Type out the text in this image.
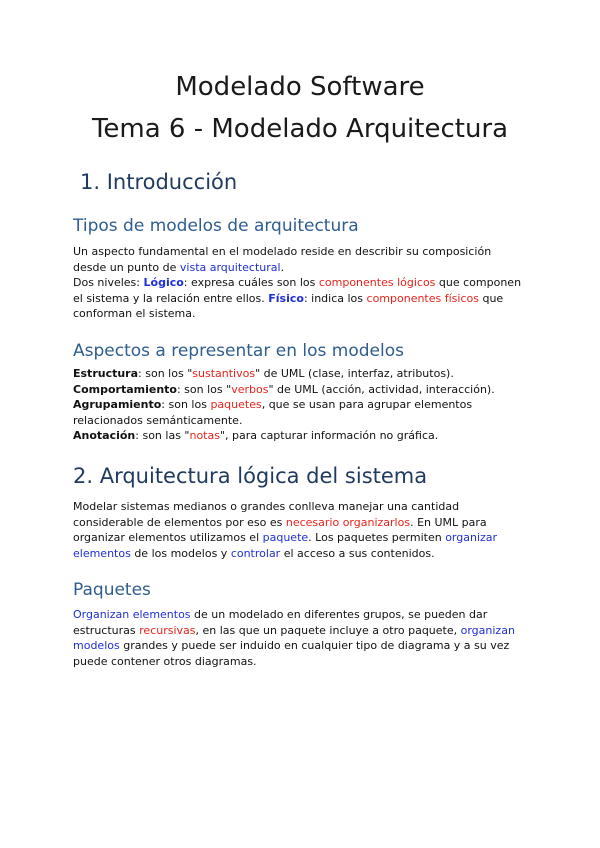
Modelado Software
Tema 6 - Modelado Arquitectura
1. Introducción
Tipos de modelos de arquitectura

Un aspecto fundamental en el modelado reside en describir su composición
desde un punto de vista arquitectural.
Dos niveles: Lógico: expresa cuáles son los componentes lógicos que componen
el sistema y la relación entre ellos. Físico: indica los componentes físicos que
conforman el sistema.

Aspectos a representar en los modelos

Estructura: son los "sustantivos" de UML (clase, interfaz, atributos).
Comportamiento: son los "verbos" de UML (acción, actividad, interacción).
Agrupamiento: son los paquetes, que se usan para agrupar elementos
relacionados semánticamente.
Anotación: son las "notas", para capturar información no gráfica.

2. Arquitectura lógica del sistema

Modelar sistemas medianos o grandes conlleva manejar una cantidad
considerable de elementos por eso es necesario organizarlos. En UML para
organizar elementos utilizamos el paquete. Los paquetes permiten organizar
elementos de los modelos y controlar el acceso a sus contenidos.

Paquetes

Organizan elementos de un modelado en diferentes grupos, se pueden dar
estructuras recursivas, en las que un paquete incluye a otro paquete, organizan
modelos grandes y puede ser induido en cualquier tipo de diagrama y a su vez
puede contener otros diagramas.
